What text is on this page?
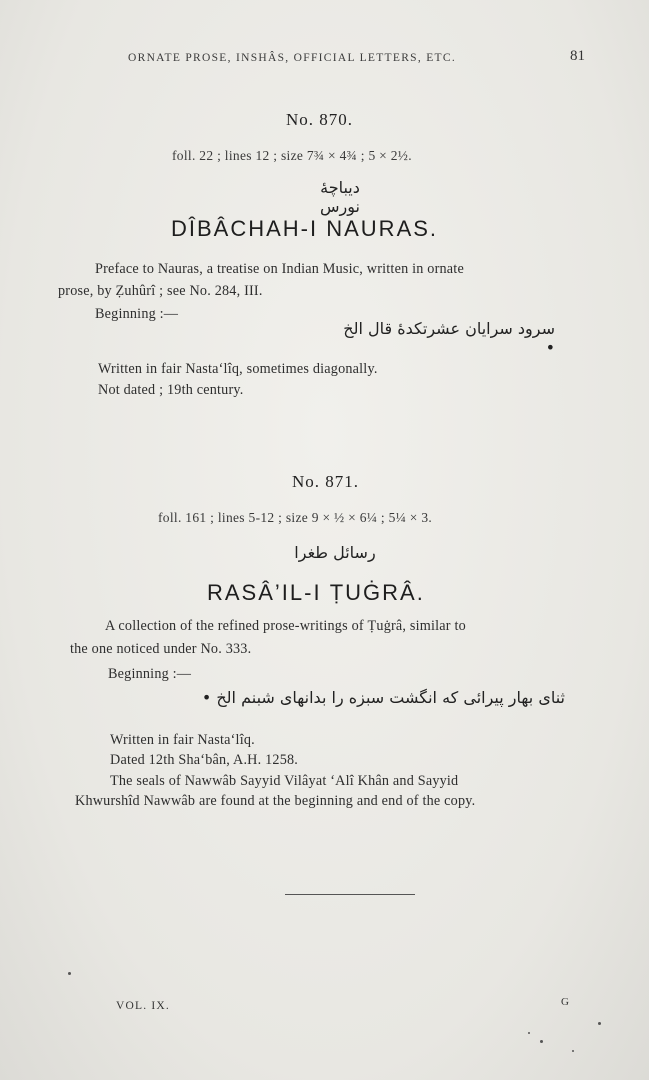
ORNATE PROSE, INSHÂS, OFFICIAL LETTERS, ETC.	81
No. 870.
foll. 22 ; lines 12 ; size 7¾ × 4¾ ; 5 × 2½.
دیباچۀ نورس
DÎBÂCHAH-I NAURAS.
Preface to Nauras, a treatise on Indian Music, written in ornate
prose, by Ẓuhûrî ; see No. 284, III.
Beginning :—
سرود سرایان عشرتکدۀ قال الخ •
Written in fair Nasta‘lîq, sometimes diagonally.
Not dated ; 19th century.
No. 871.
foll. 161 ; lines 5-12 ; size 9 × ½ × 6¼ ; 5¼ × 3.
رسائل طغرا
RASÂ’IL-I ṬUĠRÂ.
A collection of the refined prose-writings of Ṭuġrâ, similar to
the one noticed under No. 333.
Beginning :—
ثنای بهار پیرائی که انگشت سبزه را بدانهای شبنم الخ •
Written in fair Nasta‘lîq.
Dated 12th Sha‘bân, A.H. 1258.
The seals of Nawwâb Sayyid Vilâyat ‘Alî Khân and Sayyid
Khwurshîd Nawwâb are found at the beginning and end of the copy.
VOL. IX.	G
